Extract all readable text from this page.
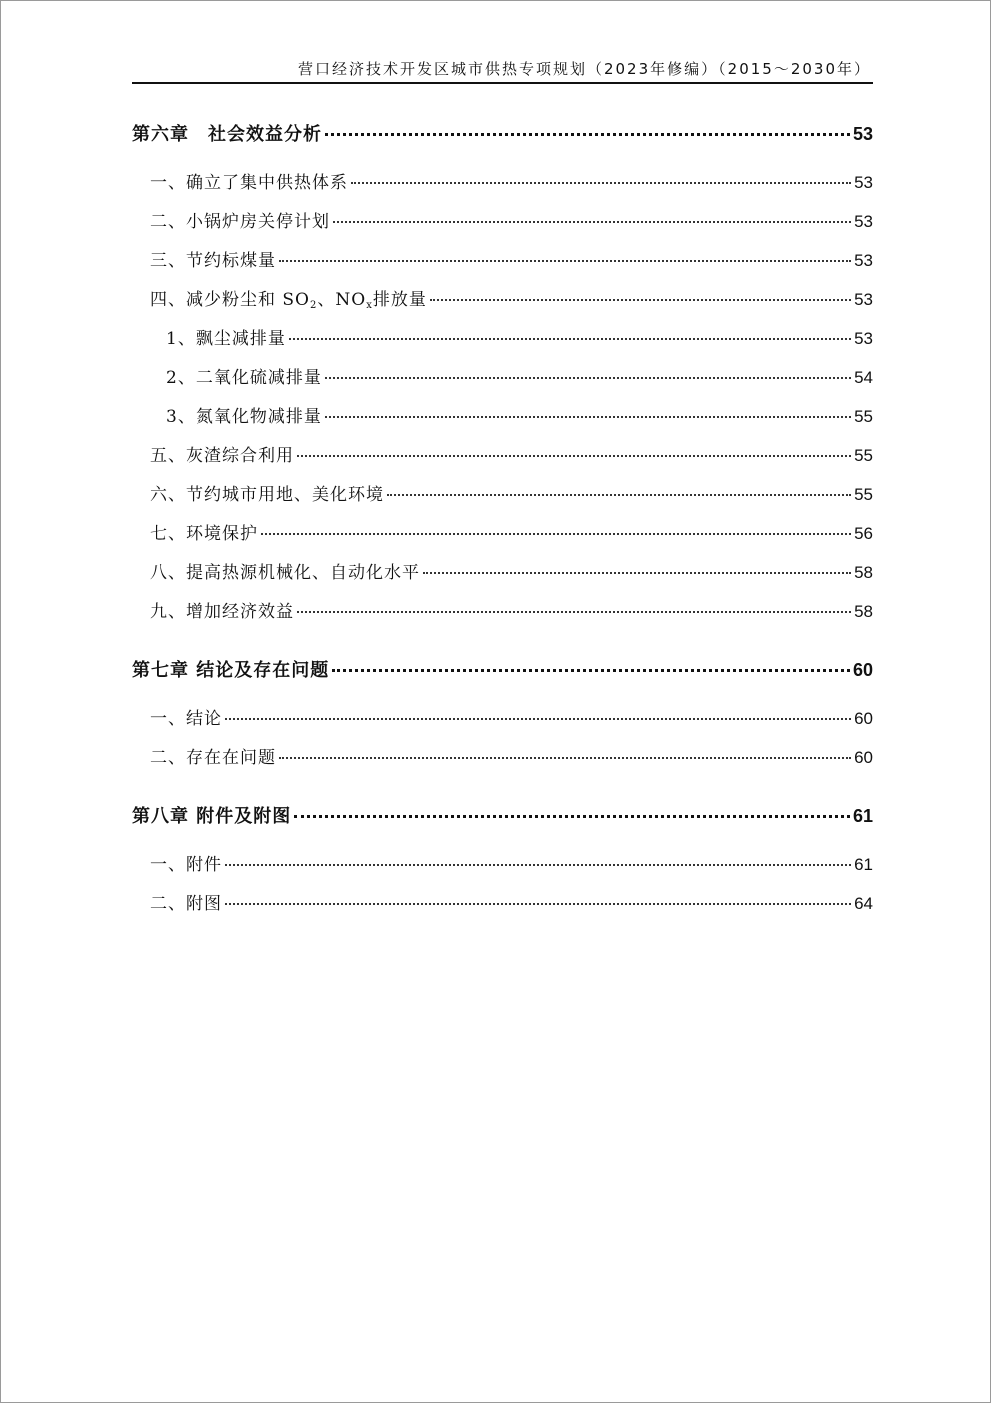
营口经济技术开发区城市供热专项规划（2023年修编）（2015～2030年）
第六章　社会效益分析	53
一、确立了集中供热体系	53
二、小锅炉房关停计划	53
三、节约标煤量	53
四、减少粉尘和 $SO_2$、$NO_x$排放量	53
1、飘尘减排量	53
2、二氧化硫减排量	54
3、氮氧化物减排量	55
五、灰渣综合利用	55
六、节约城市用地、美化环境	55
七、环境保护	56
八、提高热源机械化、自动化水平	58
九、增加经济效益	58
第七章 结论及存在问题	60
一、结论	60
二、存在在问题	60
第八章 附件及附图	61
一、附件	61
二、附图	64
